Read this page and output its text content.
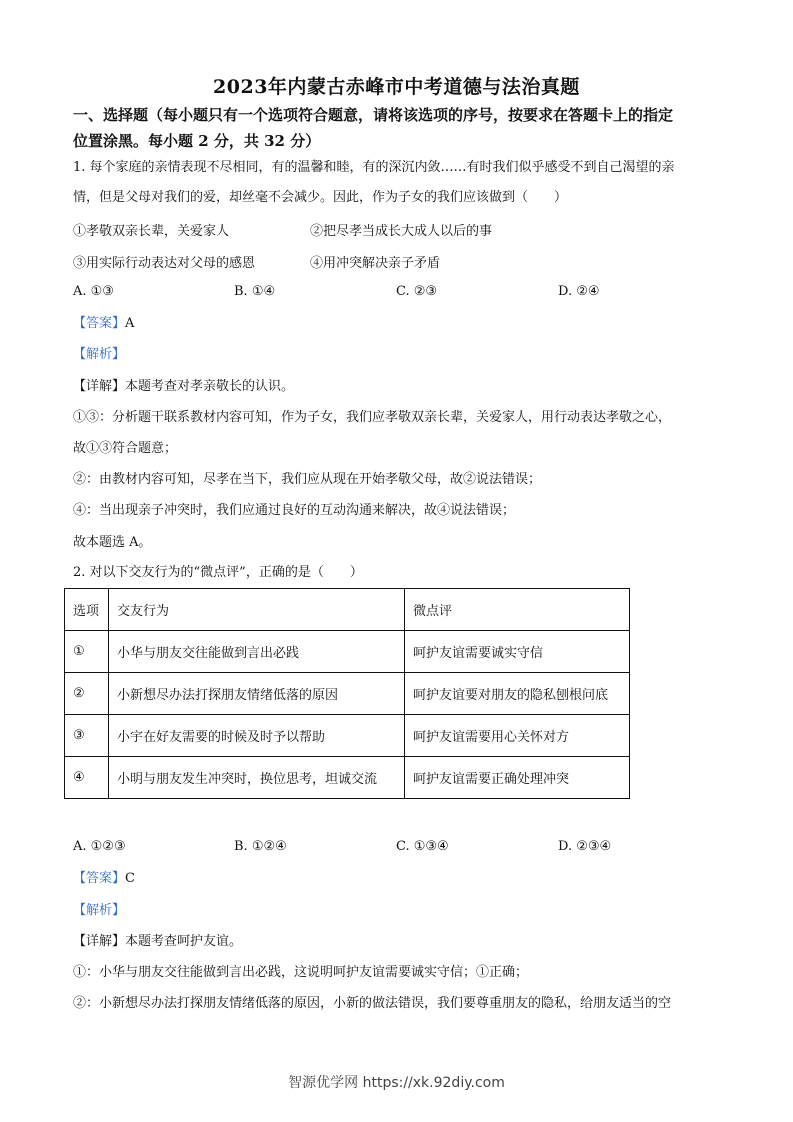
2023年内蒙古赤峰市中考道德与法治真题
一、选择题（每小题只有一个选项符合题意，请将该选项的序号，按要求在答题卡上的指定
位置涂黑。每小题 2 分，共 32 分）
1. 每个家庭的亲情表现不尽相同，有的温馨和睦，有的深沉内敛……有时我们似乎感受不到自己渴望的亲
情，但是父母对我们的爱，却丝毫不会减少。因此，作为子女的我们应该做到（　　）
①孝敬双亲长辈，关爱家人	②把尽孝当成长大成人以后的事
③用实际行动表达对父母的感恩	④用冲突解决亲子矛盾
A. ①③	B. ①④	C. ②③	D. ②④
【答案】A
【解析】
【详解】本题考查对孝亲敬长的认识。
①③：分析题干联系教材内容可知，作为子女，我们应孝敬双亲长辈，关爱家人，用行动表达孝敬之心，
故①③符合题意；
②：由教材内容可知，尽孝在当下，我们应从现在开始孝敬父母，故②说法错误；
④：当出现亲子冲突时，我们应通过良好的互动沟通来解决，故④说法错误；
故本题选 A。
2. 对以下交友行为的“微点评”，正确的是（　　）
选项	交友行为	微点评
①	小华与朋友交往能做到言出必践	呵护友谊需要诚实守信
②	小新想尽办法打探朋友情绪低落的原因	呵护友谊要对朋友的隐私刨根问底
③	小宇在好友需要的时候及时予以帮助	呵护友谊需要用心关怀对方
④	小明与朋友发生冲突时，换位思考，坦诚交流	呵护友谊需要正确处理冲突
A. ①②③	B. ①②④	C. ①③④	D. ②③④
【答案】C
【解析】
【详解】本题考查呵护友谊。
①：小华与朋友交往能做到言出必践，这说明呵护友谊需要诚实守信；①正确；
②：小新想尽办法打探朋友情绪低落的原因，小新的做法错误，我们要尊重朋友的隐私，给朋友适当的空
智源优学网 https://xk.92diy.com
